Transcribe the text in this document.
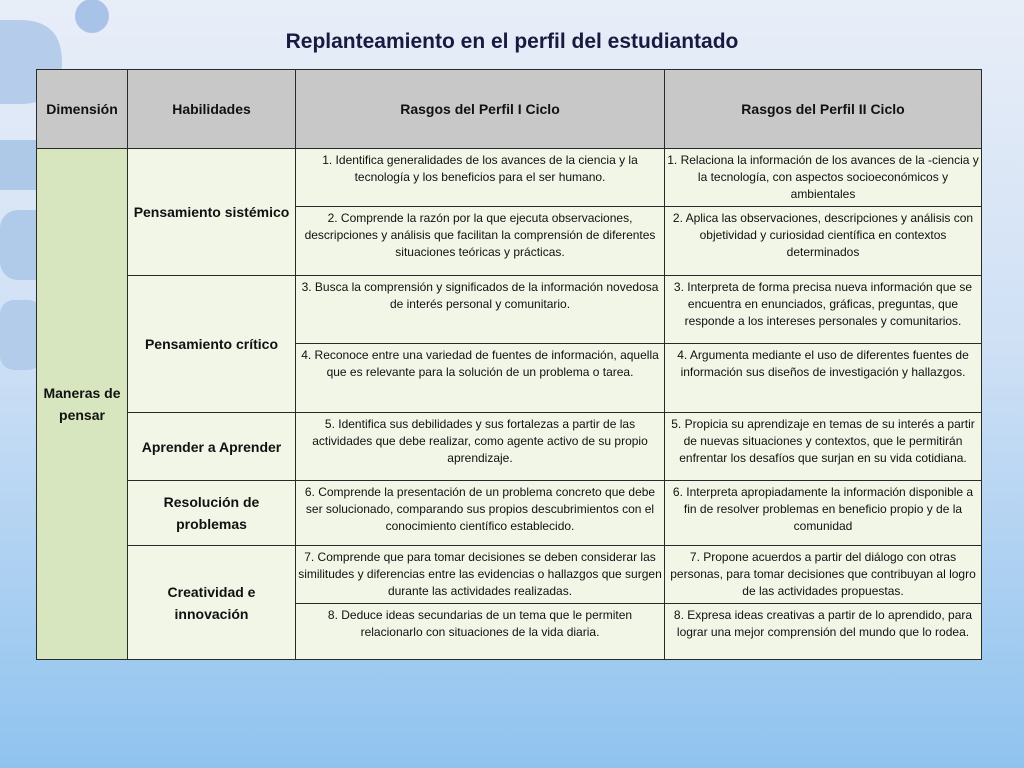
Replanteamiento en el perfil del estudiantado
Dimensión	Habilidades	Rasgos del Perfil I Ciclo	Rasgos del Perfil II Ciclo
Maneras de pensar	Pensamiento sistémico	1. Identifica generalidades de los avances de la ciencia y la tecnología y los beneficios para el ser humano.	1. Relaciona la información de los avances de la -ciencia y la tecnología, con aspectos socioeconómicos y ambientales
		2. Comprende la razón por la que ejecuta observaciones, descripciones y análisis que facilitan la comprensión de diferentes situaciones teóricas y prácticas.	2. Aplica las observaciones, descripciones y análisis con objetividad y curiosidad científica en contextos determinados
	Pensamiento crítico	3. Busca la comprensión y significados de la información novedosa de interés personal y comunitario.	3. Interpreta de forma precisa nueva información que se encuentra en enunciados, gráficas, preguntas, que responde a los intereses personales y comunitarios.
		4. Reconoce entre una variedad de fuentes de información, aquella que es relevante para la solución de un problema o tarea.	4. Argumenta mediante el uso de diferentes fuentes de información sus diseños de investigación y hallazgos.
	Aprender a Aprender	5. Identifica sus debilidades y sus fortalezas a partir de las actividades que debe realizar, como agente activo de su propio aprendizaje.	5. Propicia su aprendizaje en temas de su interés a partir de nuevas situaciones y contextos, que le permitirán enfrentar los desafíos que surjan en su vida cotidiana.
	Resolución de problemas	6. Comprende la presentación de un problema concreto que debe ser solucionado, comparando sus propios descubrimientos con el conocimiento científico establecido.	6. Interpreta apropiadamente la información disponible a fin de resolver problemas en beneficio propio y de la comunidad
	Creatividad e innovación	7. Comprende que para tomar decisiones se deben considerar las similitudes y diferencias entre las evidencias o hallazgos que surgen durante las actividades realizadas.	7. Propone acuerdos a partir del diálogo con otras personas, para tomar decisiones que contribuyan al logro de las actividades propuestas.
		8. Deduce ideas secundarias de un tema que le permiten relacionarlo con situaciones de la vida diaria.	8. Expresa ideas creativas a partir de lo aprendido, para lograr una mejor comprensión del mundo que lo rodea.
